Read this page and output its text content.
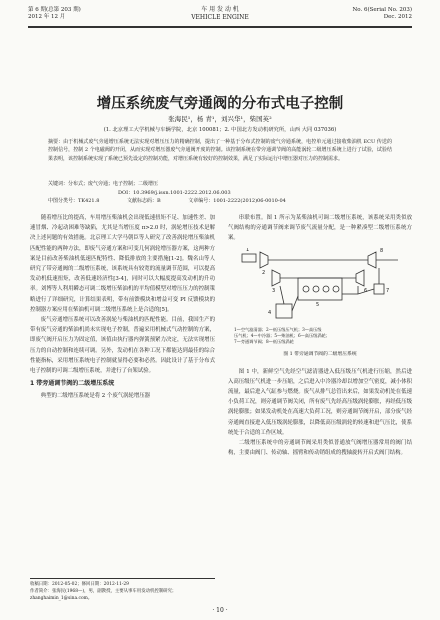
第 6 期(总第 203 期)
2012 年 12 月
车 用 发 动 机
VEHICLE ENGINE
No. 6(Serial No. 203)
Dec. 2012
增压系统废气旁通阀的分布式电子控制
张海民¹，杨 青¹，刘兴华¹，柴国英²
(1. 北京理工大学机械与车辆学院，北京 100081；2. 中国北方发动机研究所，山西 大同 037036)
摘要：由于机械式废气旁通增压系统无法实现对增压压力的精确控制，提出了一种基于分布式控制的废气旁通系统，电控单元通过接收柴油机 ECU 传送的控制信号，控制 2 个电磁阀的开闭，从而实现对增压器废气旁通阀开度的控制。该控制系统在带旁通调节阀的高能涡轮二级增压系统上进行了试验，试验结果表明，该控制系统实现了系统已预先设定的控制功能，对增压系统有较好的控制效果，满足了实际运行中增压器对压力的控制需求。
关键词：分布式；废气旁通；电子控制；二级增压
DOI：10.3969/j.issn.1001-2222.2012.06.003
中图分类号：TK421.8	文献标志码：B	文章编号：1001-2222(2012)06-0010-04

随着增压比的提高，车用增压柴油机会出现低速扭矩不足、加速性差、加速冒烟、冷起动困难等缺陷，尤其是当增压度 π>2.0 时，涡轮增压技术是解决上述问题的有效措施。北京理工大学马朝臣等人研究了改善涡轮增压柴油机匹配性能的两种方法，即废气旁通方案和可变几何涡轮增压器方案，这两种方案是目前改善柴油机低速匹配特性、降低排放的主要措施[1-2]。魏名山等人研究了带旁通阀的二级增压系统，该系统具有较宽的流量调节范围，可以提高发动机低速扭矩，改善低速经济性[3-4]，同时可以大幅度提高发动机的升功率。刘博等人利用瞬态可调二级增压柴油机的平均值模型对增压压力的控制策略进行了详细研究，计算结果表明，带有前馈模块和增益可变 PI 反馈模块的控制器方案应用在柴油机可调二级增压系统上是合适的[5]。

废气旁通增压系统可以改善涡轮与柴油机的匹配性能。目前，我国生产的带有废气旁通的柴油机尚未实现电子控制，普遍采用机械式气动控制的方案，即废气阀开启压力为固定值，该值由执行器内弹簧预紧力决定，无法实现增压压力的自动控制和连续可调。另外，发动机在各种工况下都能达到最佳的综合性能指标，采用增压系统电子控制就显得必要和必然。因此设计了基于分布式电子控制的可调二级增压系统，并进行了台架试验。

1 带旁通调节阀的二级增压系统

典型的二级增压系统是将 2 个废气涡轮增压器

串联布置。图 1 所示为某柴油机可调二级增压系统，该系统采用类似放气阀结构的旁通调节阀来调节废气流量分配，是一种紧凑型二级增压系统方案。

1
2
3
4
5
6	7
8
1—空气滤清器；2—低压级压气机；3—高压级
压气机；4—中冷器；5—柴油机；6—高压级涡轮；
7—旁通调节阀；8—低压级涡轮
图 1 带旁通调节阀的二级增压系统

图 1 中，新鲜空气先经空气滤清器进入低压级压气机进行压缩，然后进入高压级压气机进一步压缩，之后进入中冷器冷却以增加空气密度，减小体积流量，最后进入气缸参与燃烧。废气从排气总管出来后，如果发动机处在低速小负荷工况，则旁通调节阀关闭，所有废气先经高压级涡轮膨胀，再经低压级涡轮膨胀；如果发动机处在高速大负荷工况，则旁通调节阀开启，部分废气经旁通阀直接进入低压级涡轮膨胀，以降低高压级涡轮的转速和进气压比，使系统处于合适的工作区域。

二级增压系统中的旁通调节阀采用类似普通放气阀增压器常用的阀门结构，主要由阀门、传动轴、摇臂和传动销组成的搜轴旋转开启式阀门结构。

收稿日期：2012-05-02；修回日期：2012-11-29
作者简介：张海民(1968—)，男，副教授，主要从事车用发动机控制研究；zhanghaimin_1@sina.com。
· 10 ·
